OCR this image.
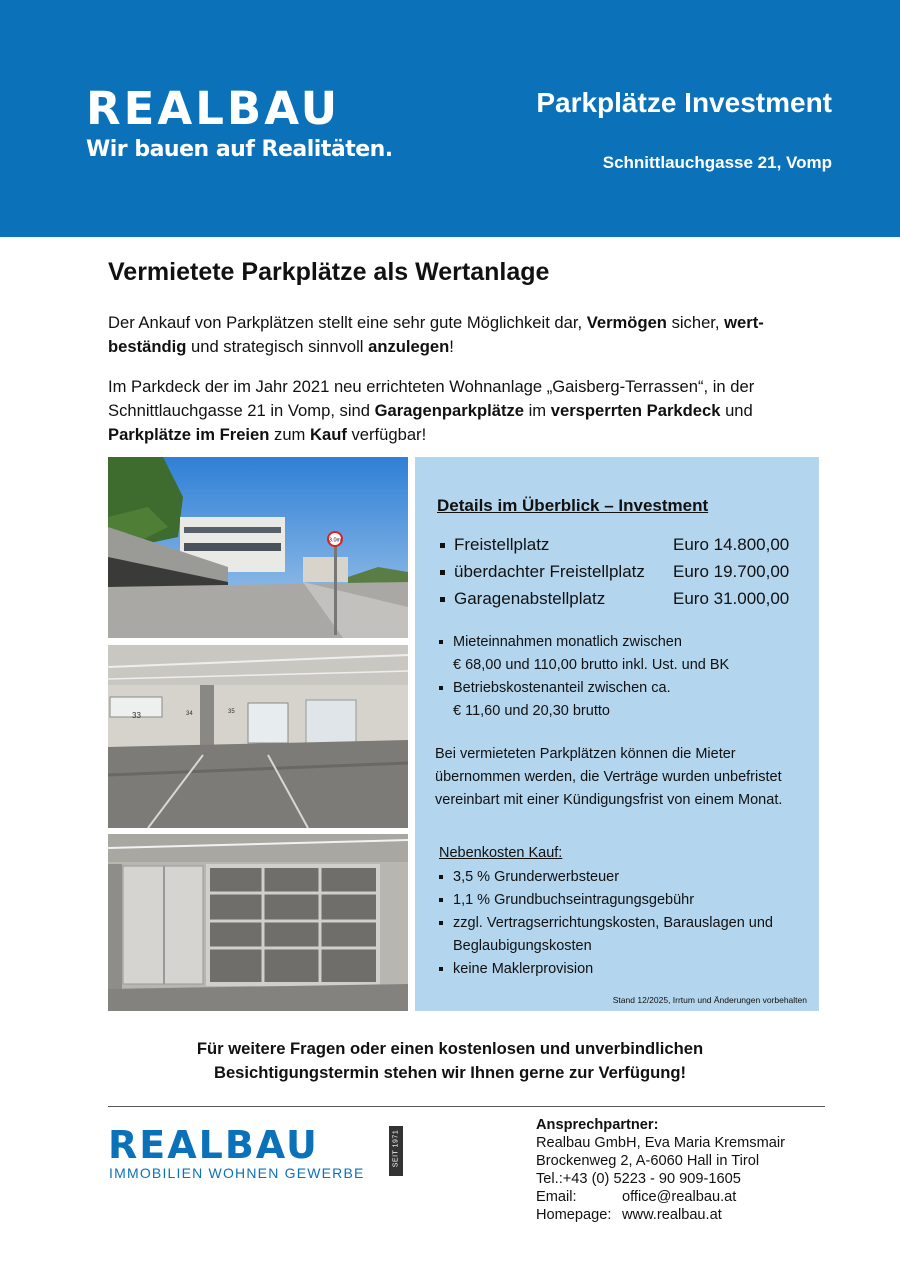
REALBAU
Wir bauen auf Realitäten.
Parkplätze Investment
Schnittlauchgasse 21, Vomp
Vermietete Parkplätze als Wertanlage
Der Ankauf von Parkplätzen stellt eine sehr gute Möglichkeit dar, Vermögen sicher, wert-beständig und strategisch sinnvoll anzulegen!
Im Parkdeck der im Jahr 2021 neu errichteten Wohnanlage „Gaisberg-Terrassen“, in der Schnittlauchgasse 21 in Vomp, sind Garagenparkplätze im versperrten Parkdeck und Parkplätze im Freien zum Kauf verfügbar!
3.0m
33	34	35
Details im Überblick – Investment
Freistellplatz	Euro 14.800,00
überdachter Freistellplatz Euro 19.700,00
Garagenabstellplatz	Euro 31.000,00
Mieteinnahmen monatlich zwischen
€ 68,00 und 110,00 brutto inkl. Ust. und BK
Betriebskostenanteil zwischen ca.
€ 11,60 und 20,30 brutto
Bei vermieteten Parkplätzen können die Mieter
übernommen werden, die Verträge wurden unbefristet
vereinbart mit einer Kündigungsfrist von einem Monat.
Nebenkosten Kauf:
3,5 % Grunderwerbsteuer
1,1 % Grundbuchseintragungsgebühr
zzgl. Vertragserrichtungskosten, Barauslagen und
Beglaubigungskosten
keine Maklerprovision
Stand 12/2025, Irrtum und Änderungen vorbehalten
Für weitere Fragen oder einen kostenlosen und unverbindlichen
Besichtigungstermin stehen wir Ihnen gerne zur Verfügung!
REALBAU
IMMOBILIEN WOHNEN GEWERBE
SEIT 1971
Ansprechpartner:
Realbau GmbH, Eva Maria Kremsmair
Brockenweg 2, A-6060 Hall in Tirol
Tel.:+43 (0) 5223 - 90 909-1605
Email:	office@realbau.at
Homepage: www.realbau.at
